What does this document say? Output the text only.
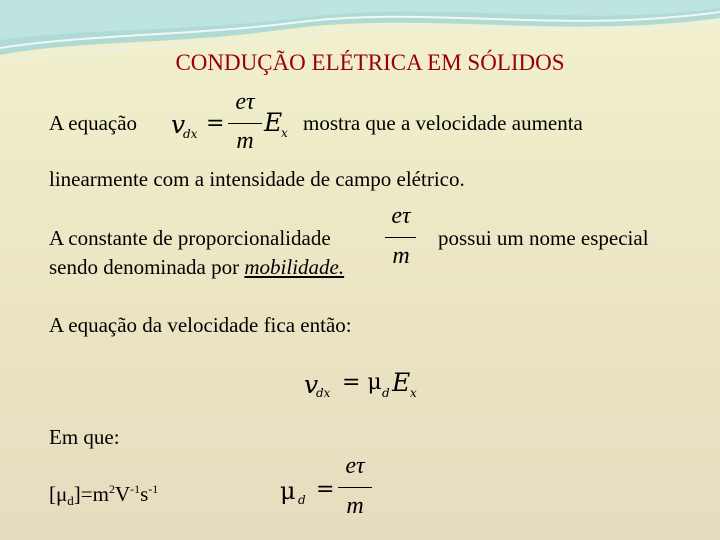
CONDUÇÃO ELÉTRICA EM SÓLIDOS
A equação v
dx =
eτ
m
E
x mostra que a velocidade aumenta
linearmente com a intensidade de campo elétrico.
A constante de proporcionalidade
eτ
m
possui um nome especial
sendo denominada por mobilidade.
A equação da velocidade fica então:
v
dx = μ d E x
Em que:
$[\mu d]=m^2V^{-1}s^{-1}$	μ d =
eτ
m
